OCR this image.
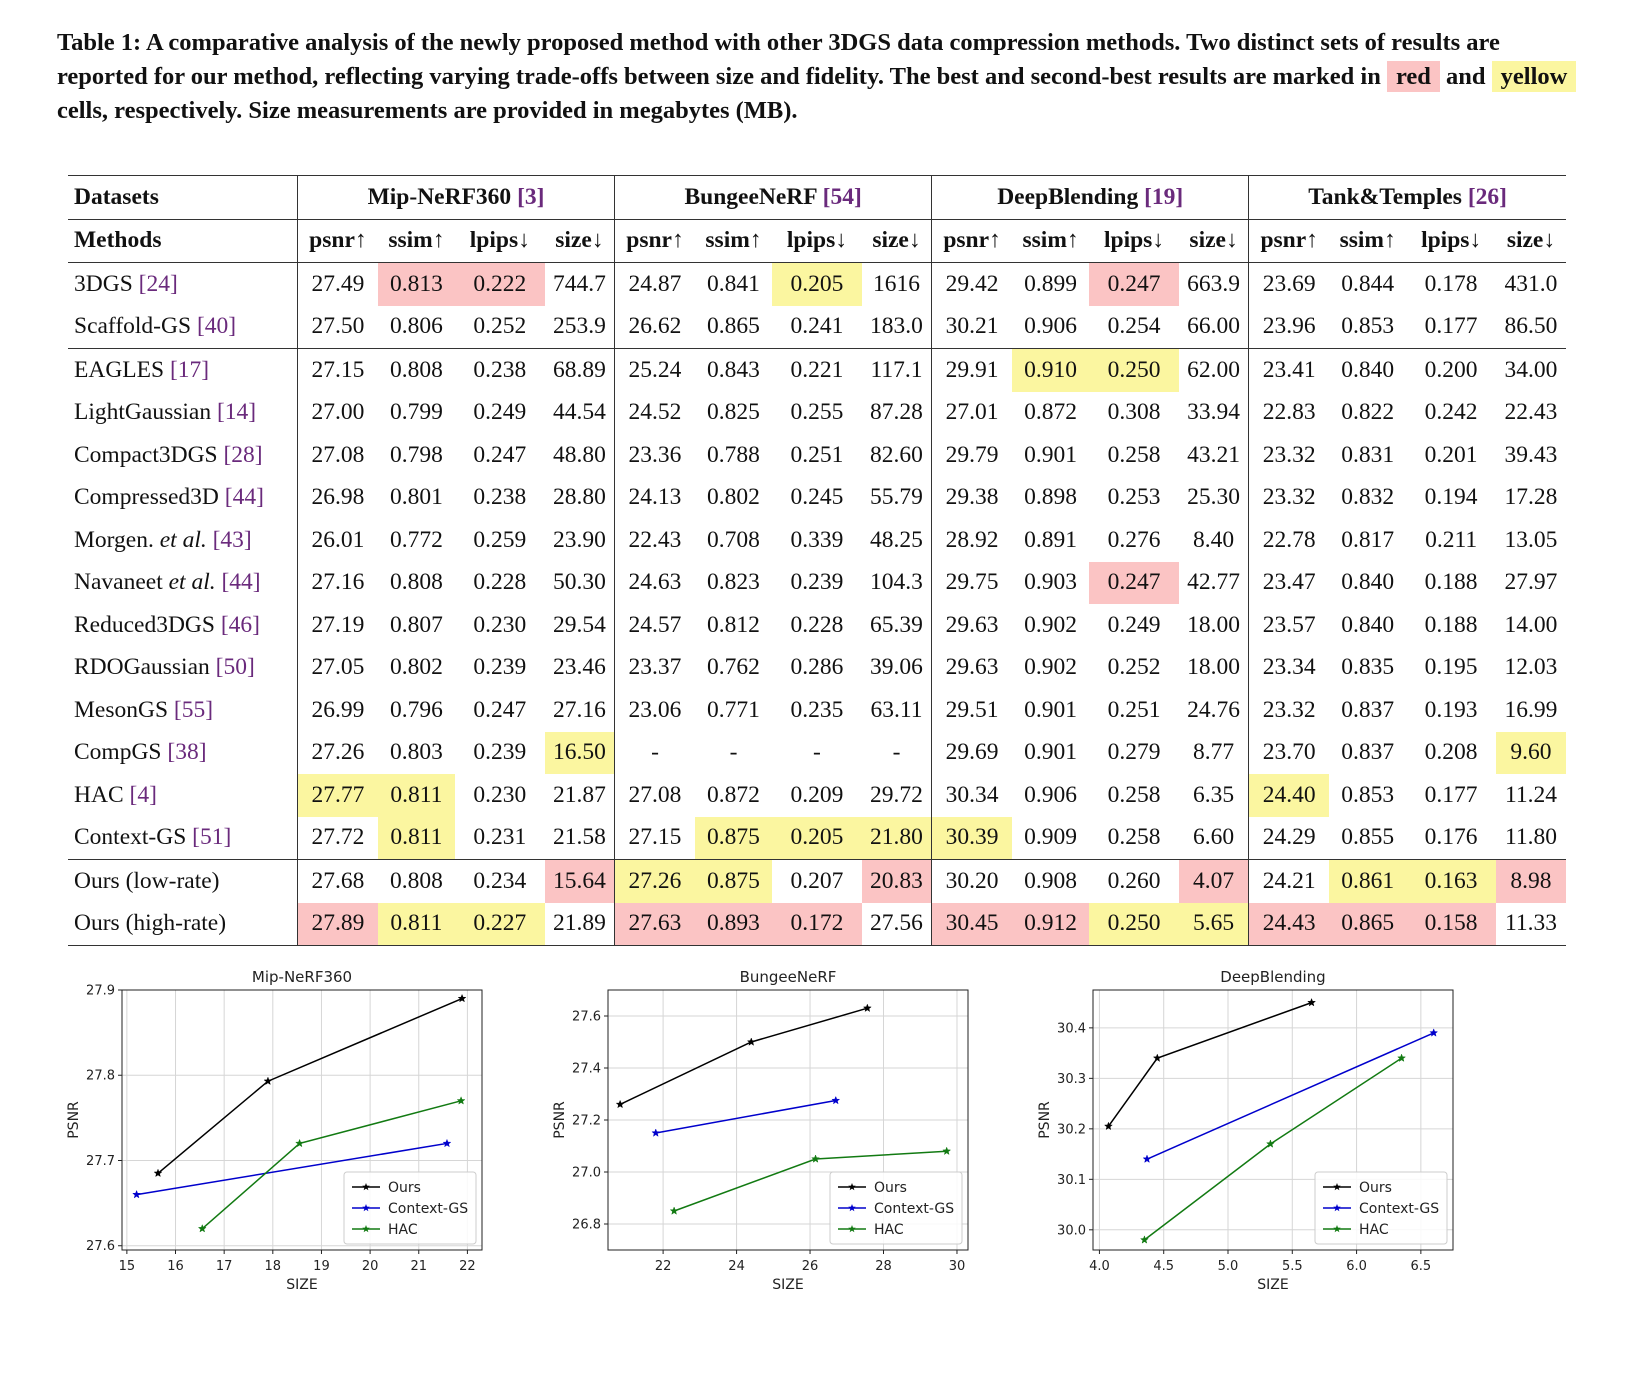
Table 1: A comparative analysis of the newly proposed method with other 3DGS data compression methods. Two distinct sets of results are reported for our method, reflecting varying trade-offs between size and fidelity. The best and second-best results are marked in red and yellow cells, respectively. Size measurements are provided in megabytes (MB).
Datasets	Mip-NeRF360 [3]				BungeeNeRF [54]				DeepBlending [19]				Tank&Temples [26]			
Methods	psnr↑	ssim↑	lpips↓	size↓	psnr↑	ssim↑	lpips↓	size↓	psnr↑	ssim↑	lpips↓	size↓	psnr↑	ssim↑	lpips↓	size↓
3DGS [24]	27.49	0.813	0.222	744.7	24.87	0.841	0.205	1616	29.42	0.899	0.247	663.9	23.69	0.844	0.178	431.0
Scaffold-GS [40]	27.50	0.806	0.252	253.9	26.62	0.865	0.241	183.0	30.21	0.906	0.254	66.00	23.96	0.853	0.177	86.50
EAGLES [17]	27.15	0.808	0.238	68.89	25.24	0.843	0.221	117.1	29.91	0.910	0.250	62.00	23.41	0.840	0.200	34.00
LightGaussian [14]	27.00	0.799	0.249	44.54	24.52	0.825	0.255	87.28	27.01	0.872	0.308	33.94	22.83	0.822	0.242	22.43
Compact3DGS [28]	27.08	0.798	0.247	48.80	23.36	0.788	0.251	82.60	29.79	0.901	0.258	43.21	23.32	0.831	0.201	39.43
Compressed3D [44]	26.98	0.801	0.238	28.80	24.13	0.802	0.245	55.79	29.38	0.898	0.253	25.30	23.32	0.832	0.194	17.28
Morgen. et al. [43]	26.01	0.772	0.259	23.90	22.43	0.708	0.339	48.25	28.92	0.891	0.276	8.40	22.78	0.817	0.211	13.05
Navaneet et al. [44]	27.16	0.808	0.228	50.30	24.63	0.823	0.239	104.3	29.75	0.903	0.247	42.77	23.47	0.840	0.188	27.97
Reduced3DGS [46]	27.19	0.807	0.230	29.54	24.57	0.812	0.228	65.39	29.63	0.902	0.249	18.00	23.57	0.840	0.188	14.00
RDOGaussian [50]	27.05	0.802	0.239	23.46	23.37	0.762	0.286	39.06	29.63	0.902	0.252	18.00	23.34	0.835	0.195	12.03
MesonGS [55]	26.99	0.796	0.247	27.16	23.06	0.771	0.235	63.11	29.51	0.901	0.251	24.76	23.32	0.837	0.193	16.99
CompGS [38]	27.26	0.803	0.239	16.50	-	-	-	-	29.69	0.901	0.279	8.77	23.70	0.837	0.208	9.60
HAC [4]	27.77	0.811	0.230	21.87	27.08	0.872	0.209	29.72	30.34	0.906	0.258	6.35	24.40	0.853	0.177	11.24
Context-GS [51]	27.72	0.811	0.231	21.58	27.15	0.875	0.205	21.80	30.39	0.909	0.258	6.60	24.29	0.855	0.176	11.80
Ours (low-rate)	27.68	0.808	0.234	15.64	27.26	0.875	0.207	20.83	30.20	0.908	0.260	4.07	24.21	0.861	0.163	8.98
Ours (high-rate)	27.89	0.811	0.227	21.89	27.63	0.893	0.172	27.56	30.45	0.912	0.250	5.65	24.43	0.865	0.158	11.33
15 16 17 18 19 20 21 22
27.6
27.7
27.8
27.9
Mip-NeRF360
SIZE
PSNR
Ours
Context-GS
HAC
22	24	26	28	30
26.8
27.0
27.2
27.4
27.6
BungeeNeRF
SIZE
PSNR
Ours
Context-GS
HAC
4.0	4.5	5.0	5.5	6.0	6.5
30.0
30.1
30.2
30.3
30.4
DeepBlending
SIZE
PSNR
Ours
Context-GS
HAC
